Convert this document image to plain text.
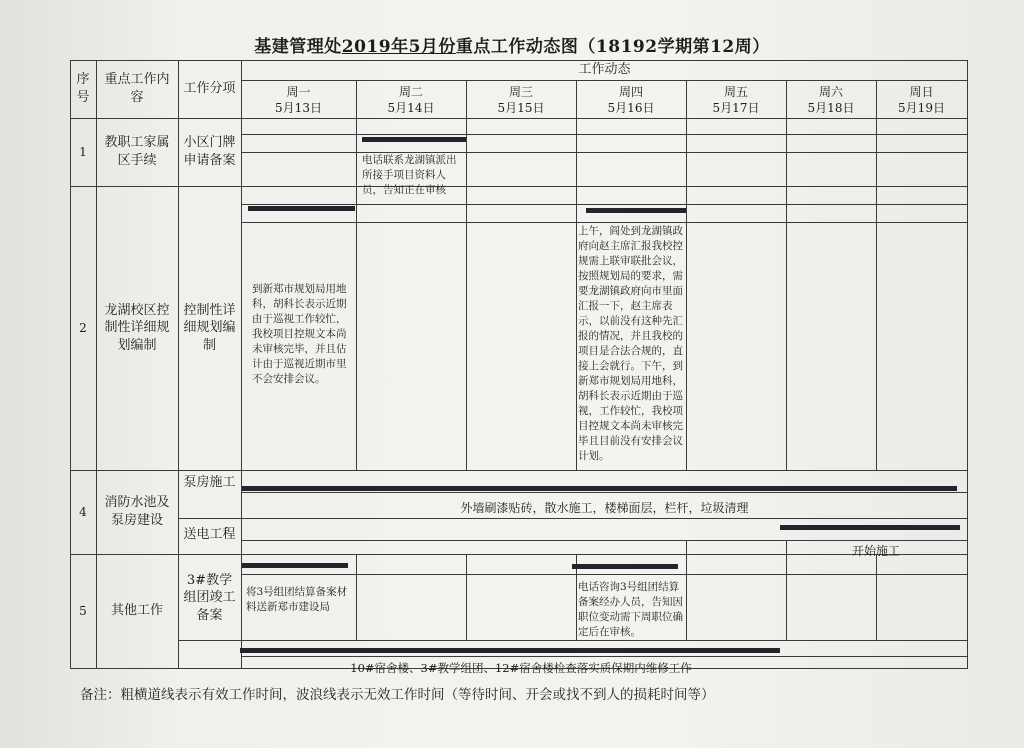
基建管理处2019年5月份重点工作动态图（18192学期第12周）
序号
重点工作内容
工作分项
工作动态
周一
5月13日
周二
5月14日
周三
5月15日
周四
5月16日
周五
5月17日
周六
5月18日
周日
5月19日
1
教职工家属区手续
小区门牌申请备案	电话联系龙湖镇派出所接手项目资料人员，告知正在审核
2
龙湖校区控制性详细规划编制
控制性详细规划编制
到新郑市规划局用地科，胡科长表示近期由于巡视工作较忙，我校项目控规文本尚未审核完毕，并且估计由于巡视近期市里不会安排会议。
上午，阎处到龙湖镇政府向赵主席汇报我校控规需上联审联批会议，按照规划局的要求，需要龙湖镇政府向市里面汇报一下，赵主席表示，以前没有这种先汇报的情况，并且我校的项目是合法合规的，直接上会就行。下午，到新郑市规划局用地科，胡科长表示近期由于巡视，工作较忙，我校项目控规文本尚未审核完毕且目前没有安排会议计划。
4
消防水池及泵房建设
泵房施工
送电工程
外墙刷漆贴砖，散水施工，楼梯面层，栏杆，垃圾清理
开始施工
5	其他工作
3#教学组团竣工备案
将3号组团结算备案材料送新郑市建设局
电话咨询3号组团结算备案经办人员，告知因职位变动需下周职位确定后在审核。
10#宿舍楼、3#教学组团、12#宿舍楼检查落实质保期内维修工作
备注：粗横道线表示有效工作时间，波浪线表示无效工作时间（等待时间、开会或找不到人的损耗时间等）
